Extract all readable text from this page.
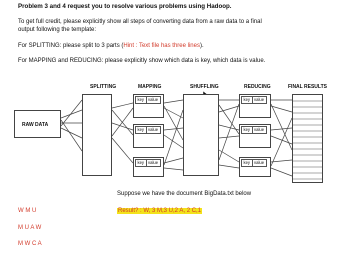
Problem 3 and 4 request you to resolve various problems using Hadoop.
To get full credit, please explicitly show all steps of converting data from a raw data to a final
output following the template:
For SPLITTING: please split to 3 parts (Hint : Text file has three lines).
For MAPPING and REDUCING: please explicitly show which data is key, which data is value.
SPLITTING	MAPPING	SHUFFLING	REDUCING	FINAL RESULTS
RAW DATA
key value
key value
key value
key value
key value
key value
Suppose we have the document BigData.txt below
W M U
M U A W
M W C A
Result? : W, 3 M,3 U,2 A, 2 C,1
